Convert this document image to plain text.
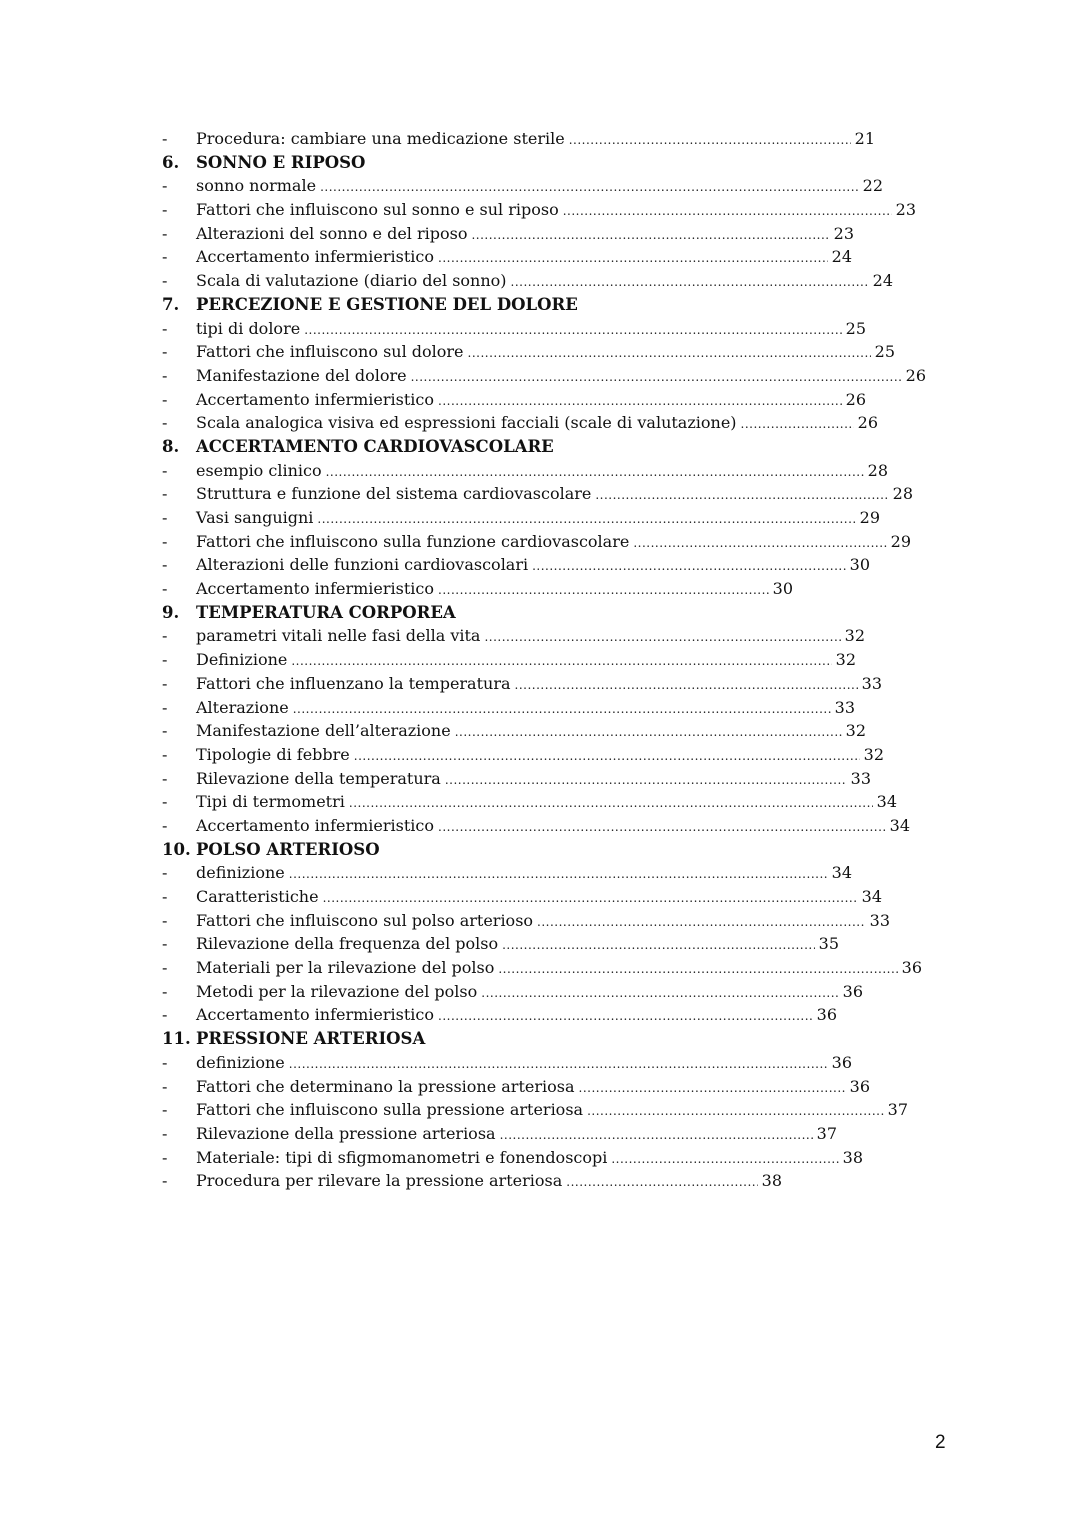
-	Procedura: cambiare una medicazione sterile .....	21
6.	SONNO E RIPOSO
-	sonno normale .....	22
-	Fattori che influiscono sul sonno e sul riposo .....	23
-	Alterazioni del sonno e del riposo .....	23
-	Accertamento infermieristico .....	24
-	Scala di valutazione (diario del sonno) .....	24
7.	PERCEZIONE E GESTIONE DEL DOLORE
-	tipi di dolore .....	25
-	Fattori che influiscono sul dolore .....	25
-	Manifestazione del dolore .....	26
-	Accertamento infermieristico .....	26
-	Scala analogica visiva ed espressioni facciali (scale di valutazione) .....	26
8.	ACCERTAMENTO CARDIOVASCOLARE
-	esempio clinico .....	28
-	Struttura e funzione del sistema cardiovascolare .....	28
-	Vasi sanguigni .....	29
-	Fattori che influiscono sulla funzione cardiovascolare .....	29
-	Alterazioni delle funzioni cardiovascolari .....	30
-	Accertamento infermieristico .....	30
9.	TEMPERATURA CORPOREA
-	parametri vitali nelle fasi della vita .....	32
-	Definizione .....	32
-	Fattori che influenzano la temperatura .....	33
-	Alterazione .....	33
-	Manifestazione dell’alterazione .....	32
-	Tipologie di febbre .....	32
-	Rilevazione della temperatura .....	33
-	Tipi di termometri .....	34
-	Accertamento infermieristico .....	34
10. POLSO ARTERIOSO
-	definizione .....	34
-	Caratteristiche .....	34
-	Fattori che influiscono sul polso arterioso .....	33
-	Rilevazione della frequenza del polso .....	35
-	Materiali per la rilevazione del polso .....	36
-	Metodi per la rilevazione del polso .....	36
-	Accertamento infermieristico .....	36
11. PRESSIONE ARTERIOSA
-	definizione .....	36
-	Fattori che determinano la pressione arteriosa .....	36
-	Fattori che influiscono sulla pressione arteriosa .....	37
-	Rilevazione della pressione arteriosa .....	37
-	Materiale: tipi di sfigmomanometri e fonendoscopi .....	38
-	Procedura per rilevare la pressione arteriosa .....	38
2
